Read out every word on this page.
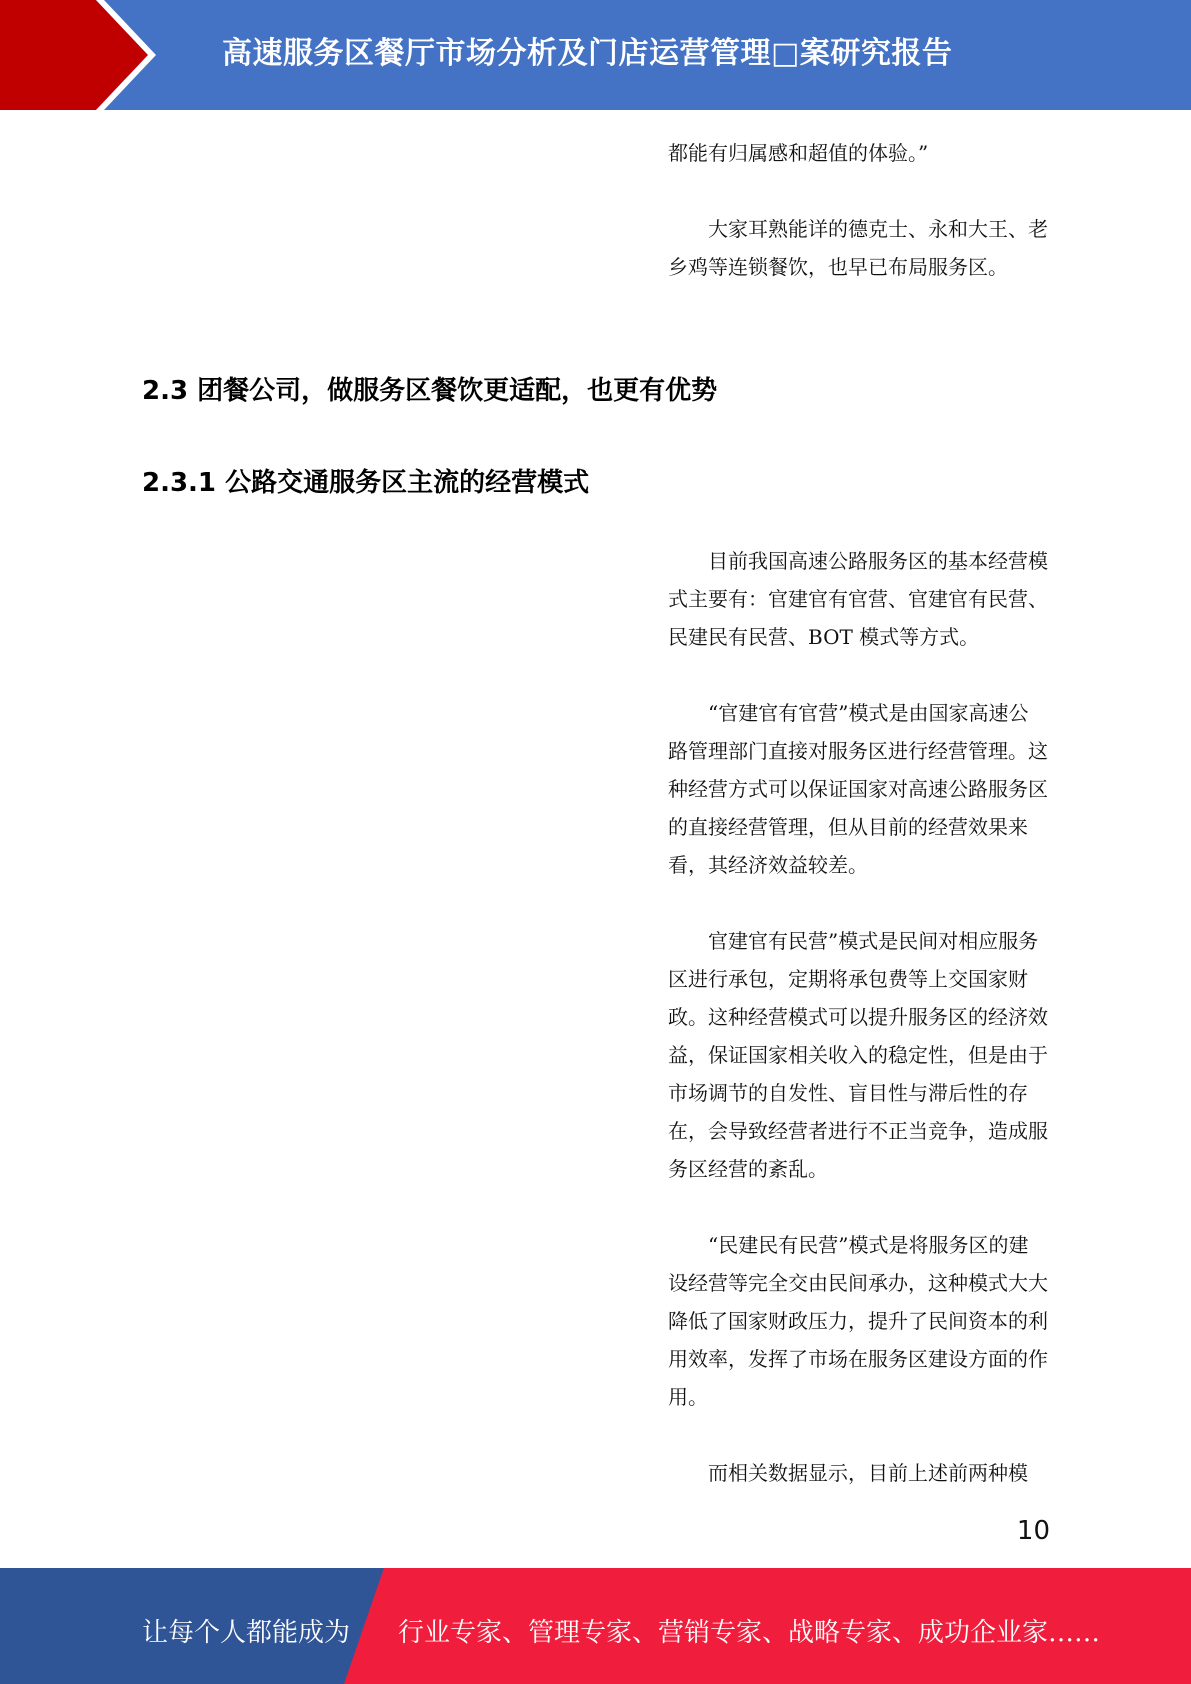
高速服务区餐厅市场分析及门店运营管理□案研究报告

都能有归属感和超值的体验。”

大家耳熟能详的德克士、永和大王、老乡鸡等连锁餐饮，也早已布局服务区。

2.3 团餐公司，做服务区餐饮更适配，也更有优势
2.3.1 公路交通服务区主流的经营模式

目前我国高速公路服务区的基本经营模式主要有：官建官有官营、官建官有民营、民建民有民营、BOT 模式等方式。

“官建官有官营”模式是由国家高速公路管理部门直接对服务区进行经营管理。这种经营方式可以保证国家对高速公路服务区的直接经营管理，但从目前的经营效果来看，其经济效益较差。

官建官有民营”模式是民间对相应服务区进行承包，定期将承包费等上交国家财政。这种经营模式可以提升服务区的经济效益，保证国家相关收入的稳定性，但是由于市场调节的自发性、盲目性与滞后性的存在，会导致经营者进行不正当竞争，造成服务区经营的紊乱。

“民建民有民营”模式是将服务区的建设经营等完全交由民间承办，这种模式大大降低了国家财政压力，提升了民间资本的利用效率，发挥了市场在服务区建设方面的作用。

而相关数据显示，目前上述前两种模

10
让每个人都能成为 行业专家、管理专家、营销专家、战略专家、成功企业家……
